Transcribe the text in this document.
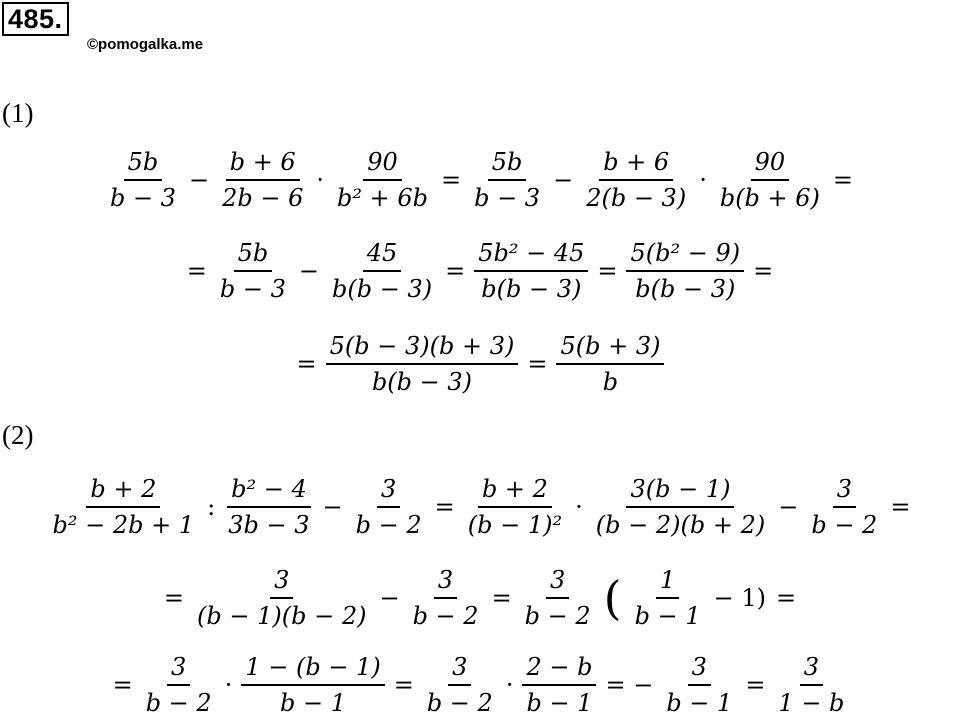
485.
©pomogalka.me
(1)
$\frac{5b}{b - 3} - \frac{b + 6}{2b - 6} \cdot \frac{90}{\text{b² + 6b}} = \frac{5b}{b - 3} - \frac{b + 6}{2(b - 3)} \cdot \frac{90}{b(b + 6)}$ =
= $\frac{5b}{b - 3} - \frac{45}{b(b - 3)} = \frac{\text{5b² − 45}}{b(b - 3)} = \frac{\text{5(b² − 9)}}{b(b - 3)}$ =
= $\frac{5(b - 3)(b + 3)}{b(b - 3)} = \frac{5(b + 3)}{b}$
(2)
$\frac{b + 2}{\text{b² − 2b + 1}}$ : $\frac{\text{b² − 4}}{3b - 3} - \frac{3}{b - 2} = \frac{b + 2}{\text{(b − 1)²}} \cdot \frac{3(b - 1)}{(b - 2)(b + 2)} - \frac{3}{b - 2}$ =
= $\frac{3}{(b - 1)(b - 2)} - \frac{3}{b - 2} = \frac{3}{b - 2}$ ( $\frac{1}{b - 1} - 1$) =
= $\frac{3}{b - 2} \cdot \frac{1 - (b - 1)}{b - 1} = \frac{3}{b - 2} \cdot \frac{2 - b}{b - 1}$ = − $\frac{3}{b - 1} = \frac{3}{1 - b}$
